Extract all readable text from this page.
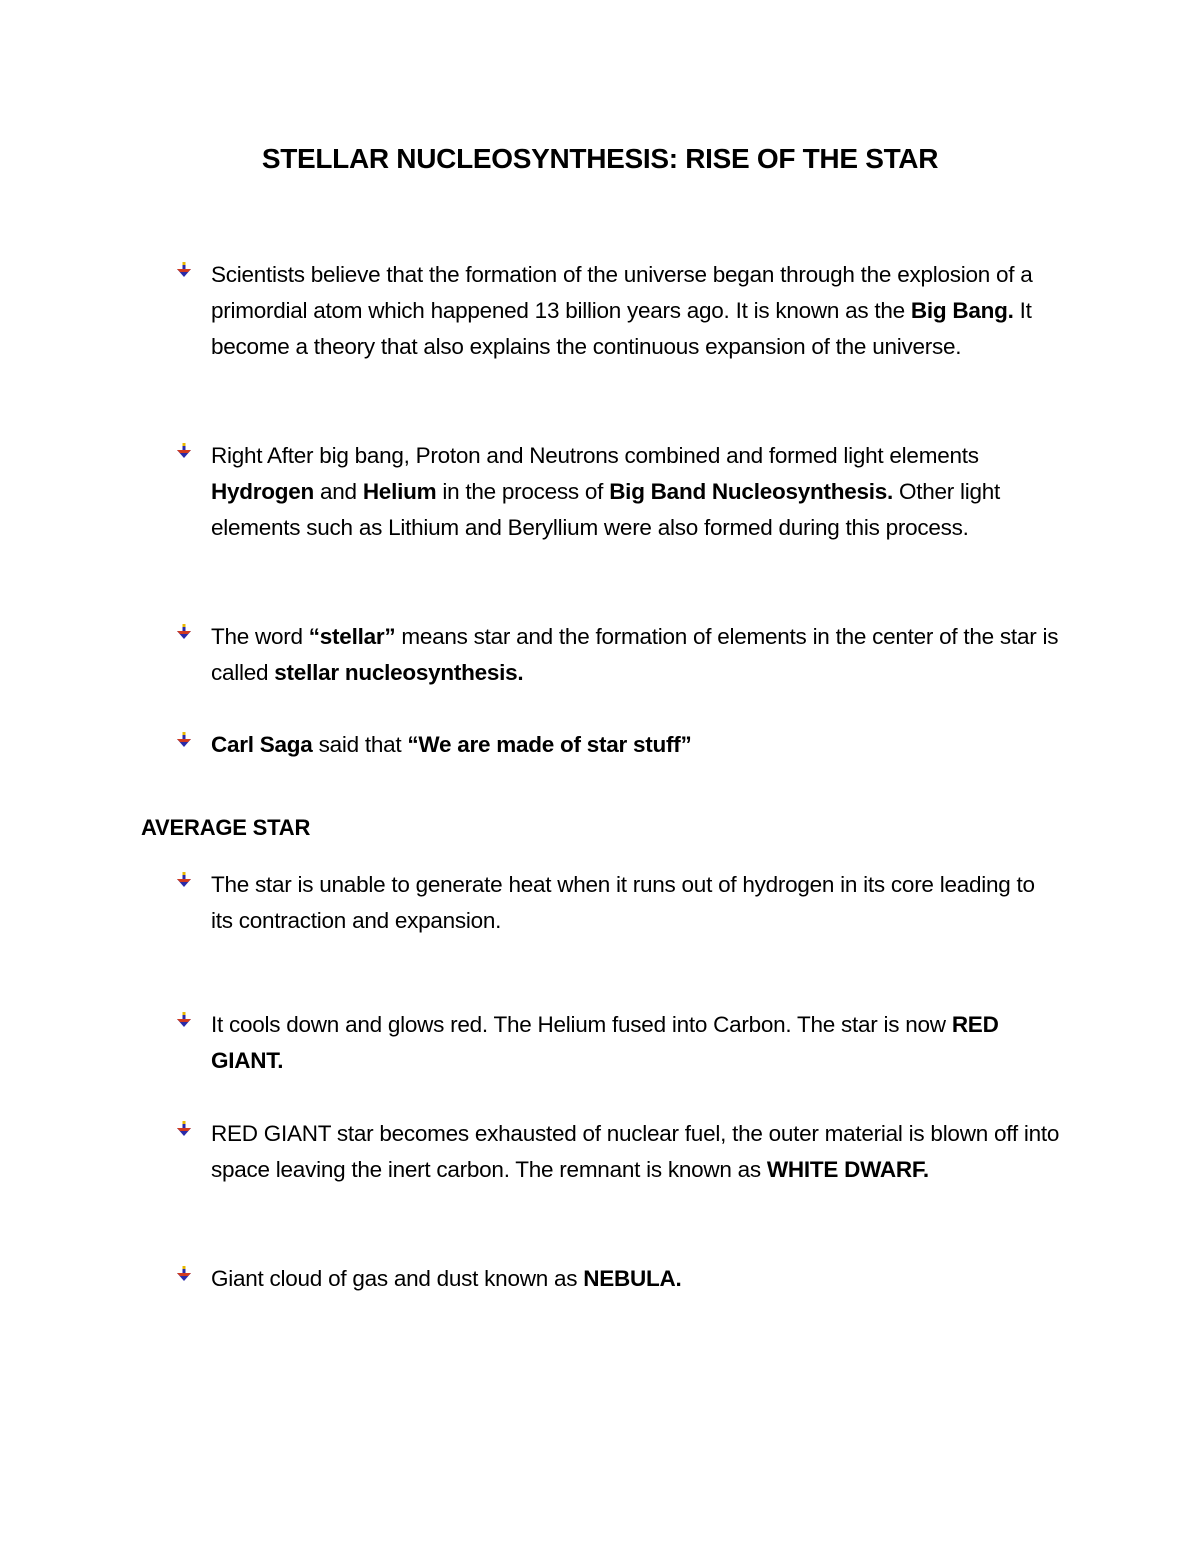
STELLAR NUCLEOSYNTHESIS: RISE OF THE STAR

Scientists believe that the formation of the universe began through the explosion of a primordial atom which happened 13 billion years ago. It is known as the Big Bang. It become a theory that also explains the continuous expansion of the universe.

Right After big bang, Proton and Neutrons combined and formed light elements Hydrogen and Helium in the process of Big Band Nucleosynthesis. Other light elements such as Lithium and Beryllium were also formed during this process.

The word “stellar” means star and the formation of elements in the center of the star is called stellar nucleosynthesis.

Carl Saga said that “We are made of star stuff”

AVERAGE STAR

The star is unable to generate heat when it runs out of hydrogen in its core leading to its contraction and expansion.

It cools down and glows red. The Helium fused into Carbon. The star is now RED GIANT.

RED GIANT star becomes exhausted of nuclear fuel, the outer material is blown off into space leaving the inert carbon. The remnant is known as WHITE DWARF.

Giant cloud of gas and dust known as NEBULA.
